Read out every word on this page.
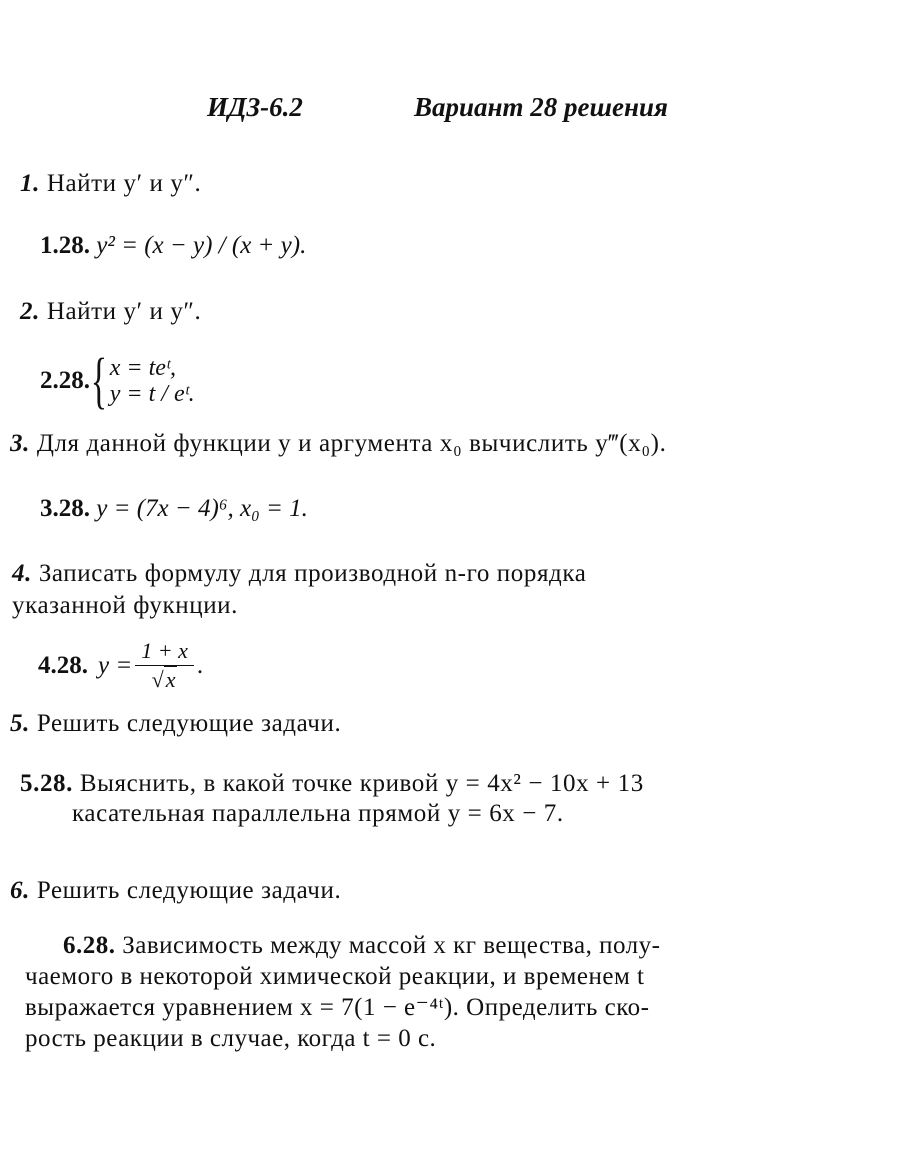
ИДЗ-6.2	Вариант 28 решения
1. Найти y′ и y″.
1.28. y² = (x − y) / (x + y).
2. Найти y′ и y″.
2.28. { x = teᵗ,
y = t / eᵗ.
3. Для данной функции y и аргумента x₀ вычислить y‴(x₀).
3.28. y = (7x − 4)⁶, x₀ = 1.
4. Записать формулу для производной n-го порядка
указанной фукнции.
4.28. $y = \frac{1 + x}{√x}$ .
5. Решить следующие задачи.
5.28. Выяснить, в какой точке кривой y = 4x² − 10x + 13
касательная параллельна прямой y = 6x − 7.
6. Решить следующие задачи.
6.28. Зависимость между массой x кг вещества, полу-
чаемого в некоторой химической реакции, и временем t
выражается уравнением x = 7(1 − e⁻⁴ᵗ). Определить ско-
рость реакции в случае, когда t = 0 с.
